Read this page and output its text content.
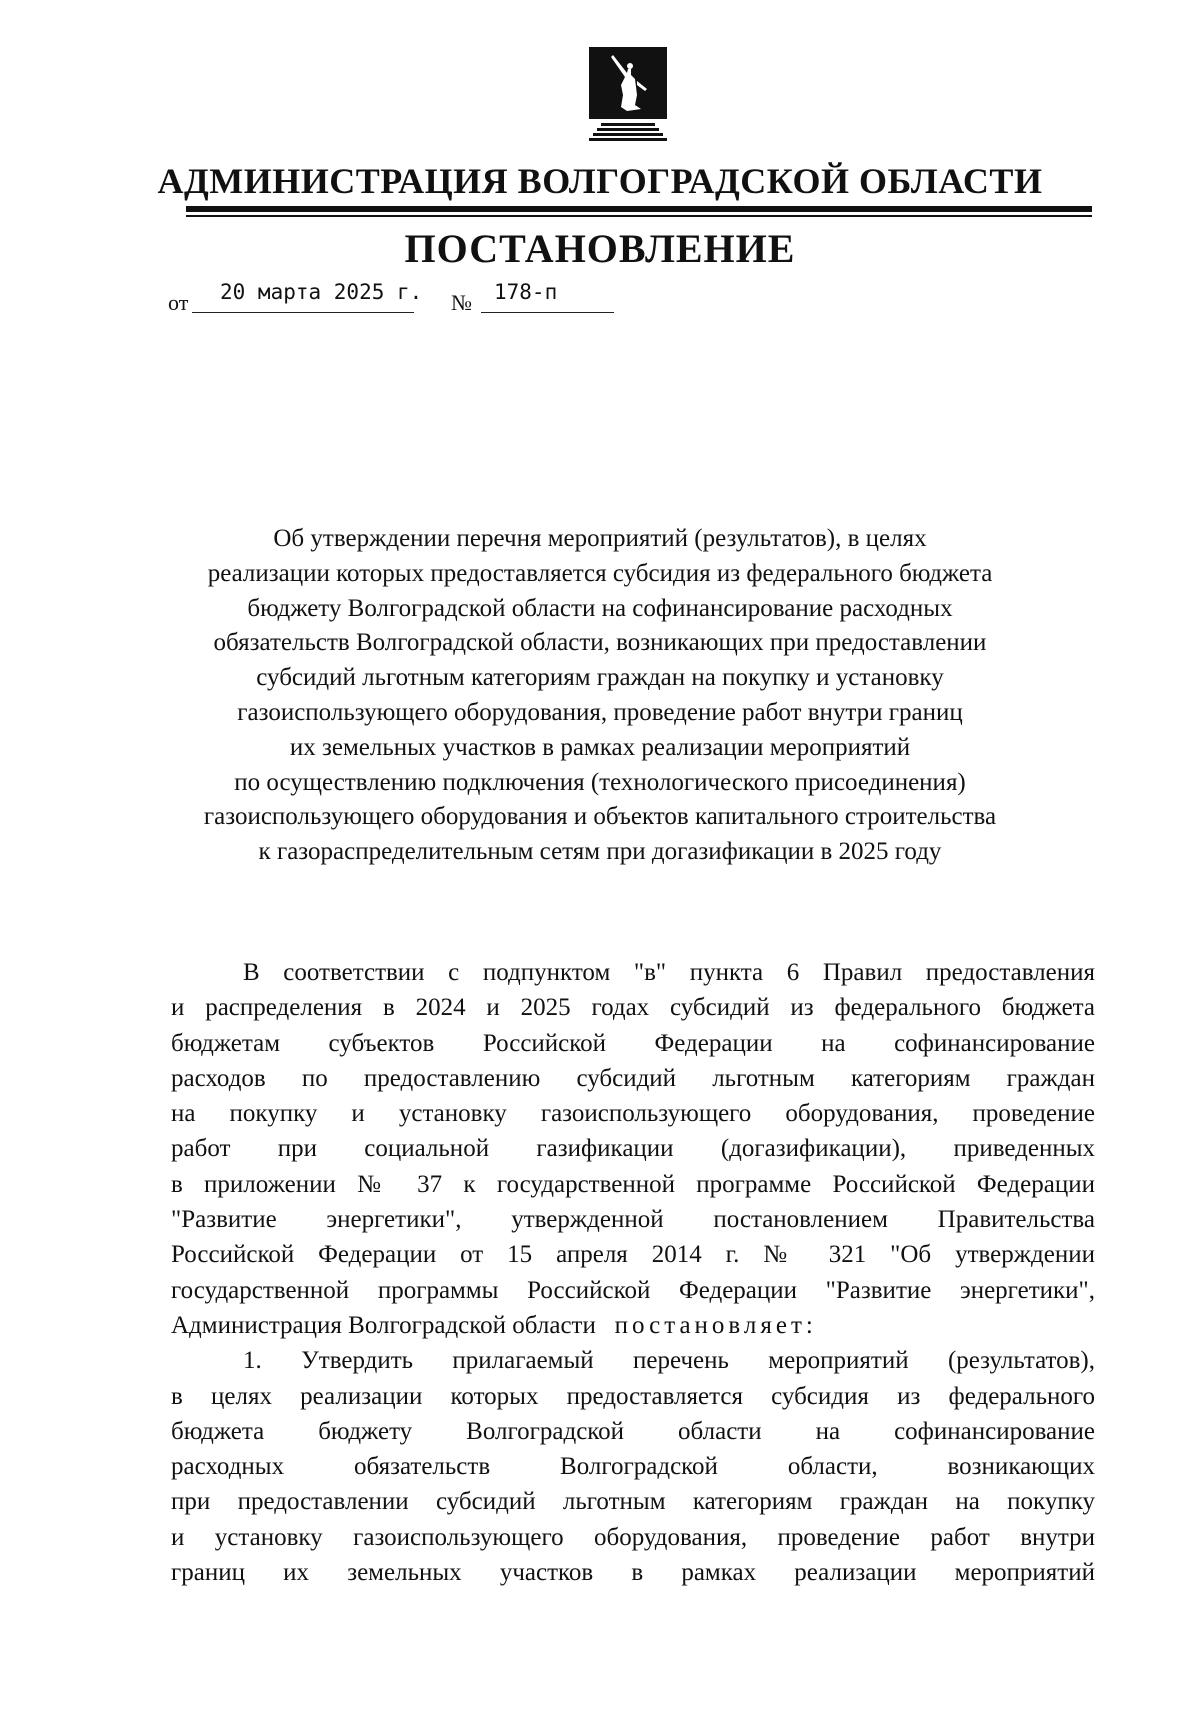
АДМИНИСТРАЦИЯ ВОЛГОГРАДСКОЙ ОБЛАСТИ
ПОСТАНОВЛЕНИЕ
от 20 марта 2025 г. № 178-п
Об утверждении перечня мероприятий (результатов), в целях
реализации которых предоставляется субсидия из федерального бюджета
бюджету Волгоградской области на софинансирование расходных
обязательств Волгоградской области, возникающих при предоставлении
субсидий льготным категориям граждан на покупку и установку
газоиспользующего оборудования, проведение работ внутри границ
их земельных участков в рамках реализации мероприятий
по осуществлению подключения (технологического присоединения)
газоиспользующего оборудования и объектов капитального строительства
к газораспределительным сетям при догазификации в 2025 году
В соответствии с подпунктом "в" пункта 6 Правил предоставления
и распределения в 2024 и 2025 годах субсидий из федерального бюджета
бюджетам субъектов Российской Федерации на софинансирование
расходов по предоставлению субсидий льготным категориям граждан
на покупку и установку газоиспользующего оборудования, проведение
работ при социальной газификации (догазификации), приведенных
в приложении № 37 к государственной программе Российской Федерации
"Развитие энергетики", утвержденной постановлением Правительства
Российской Федерации от 15 апреля 2014 г. № 321 "Об утверждении
государственной программы Российской Федерации "Развитие энергетики",
Администрация Волгоградской области постановляет:
1. Утвердить прилагаемый перечень мероприятий (результатов),
в целях реализации которых предоставляется субсидия из федерального
бюджета бюджету Волгоградской области на софинансирование
расходных обязательств Волгоградской области, возникающих
при предоставлении субсидий льготным категориям граждан на покупку
и установку газоиспользующего оборудования, проведение работ внутри
границ их земельных участков в рамках реализации мероприятий
